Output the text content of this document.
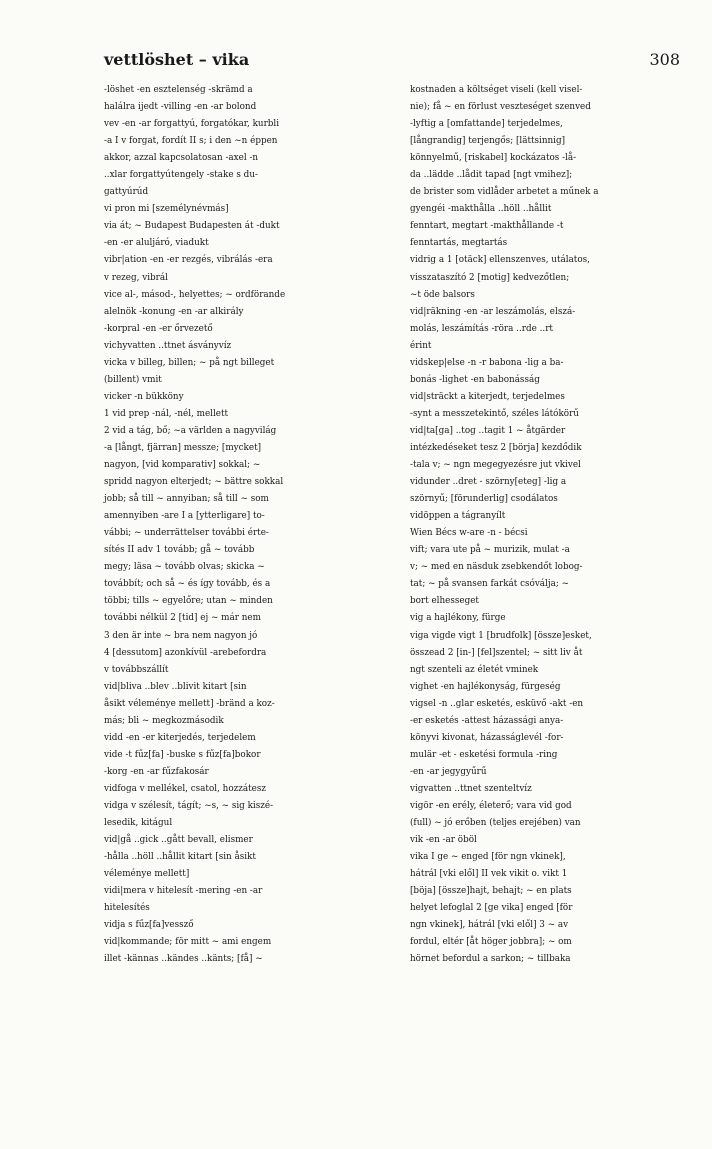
vettlöshet – vika	308
-löshet -en esztelenség -skrämd a
halálra ijedt -villing -en -ar bolond
vev -en -ar forgattyú, forgatókar, kurbli
-a I v forgat, fordít II s; i den ~n éppen
akkor, azzal kapcsolatosan -axel -n
..xlar forgattyútengely -stake s du-
gattyúrúd
vi pron mi [személynévmás]
via át; ~ Budapest Budapesten át -dukt
-en -er aluljáró, viadukt
vibr|ation -en -er rezgés, vibrálás -era
v rezeg, vibrál
vice al-, másod-, helyettes; ~ ordförande
alelnök -konung -en -ar alkirály
-korpral -en -er őrvezető
vichyvatten ..ttnet ásványvíz
vicka v billeg, billen; ~ på ngt billeget
(billent) vmit
vicker -n bükköny
1 vid prep -nál, -nél, mellett
2 vid a tág, bő; ~a världen a nagyvilág
-a [långt, fjärran] messze; [mycket]
nagyon, [vid komparativ] sokkal; ~
spridd nagyon elterjedt; ~ bättre sokkal
jobb; så till ~ annyiban; så till ~ som
amennyiben -are I a [ytterligare] to-
vábbi; ~ underrättelser további érte-
sítés II adv 1 tovább; gå ~ tovább
megy; läsa ~ tovább olvas; skicka ~
továbbít; och så ~ és így tovább, és a
többi; tills ~ egyelőre; utan ~ minden
további nélkül 2 [tid] ej ~ már nem
3 den är inte ~ bra nem nagyon jó
4 [dessutom] azonkívül -arebefordra
v továbbszállít
vid|bliva ..blev ..blivit kitart [sin
åsikt véleménye mellett] -bränd a koz-
más; bli ~ megkozmásodik
vidd -en -er kiterjedés, terjedelem
vide -t fűz[fa] -buske s fűz[fa]bokor
-korg -en -ar fűzfakosár
vidfoga v mellékel, csatol, hozzátesz
vidga v szélesít, tágít; ~s, ~ sig kiszé-
lesedik, kitágul
vid|gå ..gick ..gått bevall, elismer
-hålla ..höll ..hållit kitart [sin åsikt
véleménye mellett]
vidi|mera v hitelesít -mering -en -ar
hitelesítés
vidja s fűz[fa]vessző
vid|kommande; för mitt ~ ami engem
illet -kännas ..kändes ..känts; [få] ~
kostnaden a költséget viseli (kell visel-
nie); få ~ en förlust veszteséget szenved
-lyftig a [omfattande] terjedelmes,
[långrandig] terjengős; [lättsinnig]
könnyelmű, [riskabel] kockázatos -lå-
da ..lädde ..lådit tapad [ngt vmihez];
de brister som vidlåder arbetet a műnek a
gyengéi -makthålla ..höll ..hållit
fenntart, megtart -makthållande -t
fenntartás, megtartás
vidrig a 1 [otäck] ellenszenves, utálatos,
visszataszító 2 [motig] kedvezőtlen;
~t öde balsors
vid|räkning -en -ar leszámolás, elszá-
molás, leszámítás -röra ..rde ..rt
érint
vidskep|else -n -r babona -lig a ba-
bonás -lighet -en babonásság
vid|sträckt a kiterjedt, terjedelmes
-synt a messzetekintő, széles látókörű
vid|ta[ga] ..tog ..tagit 1 ~ åtgärder
intézkedéseket tesz 2 [börja] kezdődik
-tala v; ~ ngn megegyezésre jut vkivel
vidunder ..dret - szörny[eteg] -lig a
szörnyű; [förunderlig] csodálatos
vidöppen a tágranyílt
Wien Bécs w-are -n - bécsi
vift; vara ute på ~ murizik, mulat -a
v; ~ med en näsduk zsebkendőt lobog-
tat; ~ på svansen farkát csóválja; ~
bort elhesseget
vig a hajlékony, fürge
viga vigde vigt 1 [brudfolk] [össze]esket,
összead 2 [in-] [fel]szentel; ~ sitt liv åt
ngt szenteli az életét vminek
vighet -en hajlékonyság, fürgeség
vigsel -n ..glar esketés, esküvő -akt -en
-er esketés -attest házassági anya-
könyvi kivonat, házasságlevél -for-
mulär -et - esketési formula -ring
-en -ar jegygyűrű
vigvatten ..ttnet szenteltvíz
vigör -en erély, életerő; vara vid god
(full) ~ jó erőben (teljes erejében) van
vik -en -ar öböl
vika I ge ~ enged [för ngn vkinek],
hátrál [vki elől] II vek vikit o. vikt 1
[böja] [össze]hajt, behajt; ~ en plats
helyet lefoglal 2 [ge vika] enged [för
ngn vkinek], hátrál [vki elől] 3 ~ av
fordul, eltér [åt höger jobbra]; ~ om
hörnet befordul a sarkon; ~ tillbaka
